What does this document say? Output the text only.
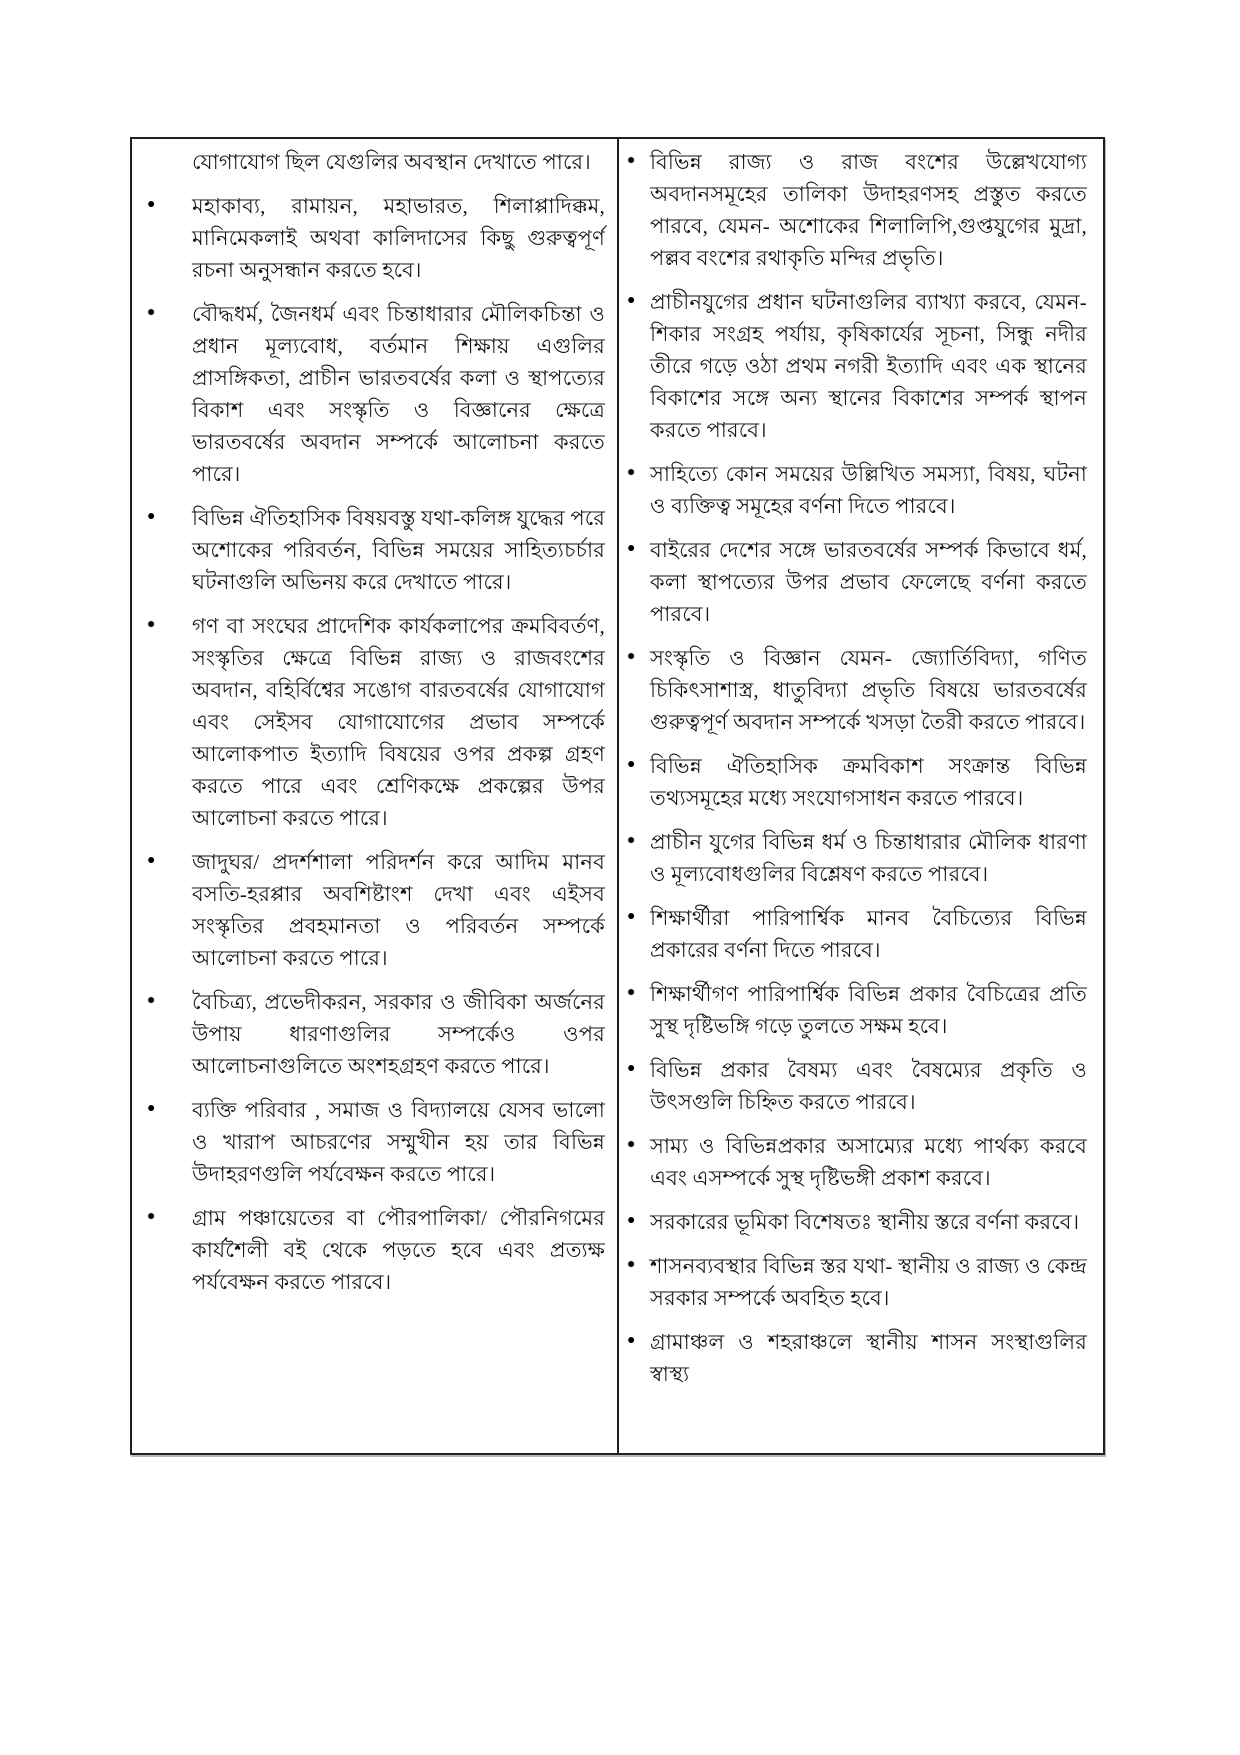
যোগাযোগ ছিল যেগুলির অবস্থান দেখাতে পারে।
● মহাকাব্য, রামায়ন, মহাভারত, শিলাপ্পাদিক্কম, মানিমেকলাই অথবা কালিদাসের কিছু গুরুত্বপূর্ণ রচনা অনুসন্ধান করতে হবে।
● বৌদ্ধধর্ম, জৈনধর্ম এবং চিন্তাধারার মৌলিকচিন্তা ও প্রধান মূল্যবোধ, বর্তমান শিক্ষায় এগুলির প্রাসঙ্গিকতা, প্রাচীন ভারতবর্ষের কলা ও স্থাপত্যের বিকাশ এবং সংস্কৃতি ও বিজ্ঞানের ক্ষেত্রে ভারতবর্ষের অবদান সম্পর্কে আলোচনা করতে পারে।
● বিভিন্ন ঐতিহাসিক বিষয়বস্তু যথা-কলিঙ্গ যুদ্ধের পরে অশোকের পরিবর্তন, বিভিন্ন সময়ের সাহিত্যচর্চার ঘটনাগুলি অভিনয় করে দেখাতে পারে।
● গণ বা সংঘের প্রাদেশিক কার্যকলাপের ক্রমবিবর্তণ, সংস্কৃতির ক্ষেত্রে বিভিন্ন রাজ্য ও রাজবংশের অবদান, বহির্বিশ্বের সঙোগ বারতবর্ষের যোগাযোগ এবং সেইসব যোগাযোগের প্রভাব সম্পর্কে আলোকপাত ইত্যাদি বিষয়ের ওপর প্রকল্প গ্রহণ করতে পারে এবং শ্রেণিকক্ষে প্রকল্পের উপর আলোচনা করতে পারে।
● জাদুঘর/ প্রদর্শশালা পরিদর্শন করে আদিম মানব বসতি-হরপ্পার অবশিষ্টাংশ দেখা এবং এইসব সংস্কৃতির প্রবহমানতা ও পরিবর্তন সম্পর্কে আলোচনা করতে পারে।
● বৈচিত্র্য, প্রভেদীকরন, সরকার ও জীবিকা অর্জনের উপায় ধারণাগুলির সম্পর্কেও ওপর আলোচনাগুলিতে অংশহগ্রহণ করতে পারে।
● ব্যক্তি পরিবার , সমাজ ও বিদ্যালয়ে যেসব ভালো ও খারাপ আচরণের সম্মুখীন হয় তার বিভিন্ন উদাহরণগুলি পর্যবেক্ষন করতে পারে।
● গ্রাম পঞ্চায়েতের বা পৌরপালিকা/ পৌরনিগমের কার্যশৈলী বই থেকে পড়তে হবে এবং প্রত্যক্ষ পর্যবেক্ষন করতে পারবে।
● বিভিন্ন রাজ্য ও রাজ বংশের উল্লেখযোগ্য অবদানসমূহের তালিকা উদাহরণসহ প্রস্তুত করতে পারবে, যেমন- অশোকের শিলালিপি,গুপ্তযুগের মুদ্রা, পল্লব বংশের রথাকৃতি মন্দির প্রভৃতি।
● প্রাচীনযুগের প্রধান ঘটনাগুলির ব্যাখ্যা করবে, যেমন- শিকার সংগ্রহ পর্যায়, কৃষিকার্যের সূচনা, সিন্ধু নদীর তীরে গড়ে ওঠা প্রথম নগরী ইত্যাদি এবং এক স্থানের বিকাশের সঙ্গে অন্য স্থানের বিকাশের সম্পর্ক স্থাপন করতে পারবে।
● সাহিত্যে কোন সময়ের উল্লিখিত সমস্যা, বিষয়, ঘটনা ও ব্যক্তিত্ব সমূহের বর্ণনা দিতে পারবে।
● বাইরের দেশের সঙ্গে ভারতবর্ষের সম্পর্ক কিভাবে ধর্ম, কলা স্থাপত্যের উপর প্রভাব ফেলেছে বর্ণনা করতে পারবে।
● সংস্কৃতি ও বিজ্ঞান যেমন- জ্যোর্তিবিদ্যা, গণিত চিকিৎসাশাস্ত্র, ধাতুবিদ্যা প্রভৃতি বিষয়ে ভারতবর্ষের গুরুত্বপূর্ণ অবদান সম্পর্কে খসড়া তৈরী করতে পারবে।
● বিভিন্ন ঐতিহাসিক ক্রমবিকাশ সংক্রান্ত বিভিন্ন তথ্যসমূহের মধ্যে সংযোগসাধন করতে পারবে।
● প্রাচীন যুগের বিভিন্ন ধর্ম ও চিন্তাধারার মৌলিক ধারণা ও মূল্যবোধগুলির বিশ্লেষণ করতে পারবে।
● শিক্ষার্থীরা পারিপার্শ্বিক মানব বৈচিত্যের বিভিন্ন প্রকারের বর্ণনা দিতে পারবে।
● শিক্ষার্থীগণ পারিপার্শ্বিক বিভিন্ন প্রকার বৈচিত্রের প্রতি সুস্থ দৃষ্টিভঙ্গি গড়ে তুলতে সক্ষম হবে।
● বিভিন্ন প্রকার বৈষম্য এবং বৈষম্যের প্রকৃতি ও উৎসগুলি চিহ্নিত করতে পারবে।
● সাম্য ও বিভিন্নপ্রকার অসাম্যের মধ্যে পার্থক্য করবে এবং এসম্পর্কে সুস্থ দৃষ্টিভঙ্গী প্রকাশ করবে।
● সরকারের ভূমিকা বিশেষতঃ স্থানীয় স্তরে বর্ণনা করবে।
● শাসনব্যবস্থার বিভিন্ন স্তর যথা- স্থানীয় ও রাজ্য ও কেন্দ্র সরকার সম্পর্কে অবহিত হবে।
● গ্রামাঞ্চল ও শহরাঞ্চলে স্থানীয় শাসন সংস্থাগুলির স্বাস্থ্য
